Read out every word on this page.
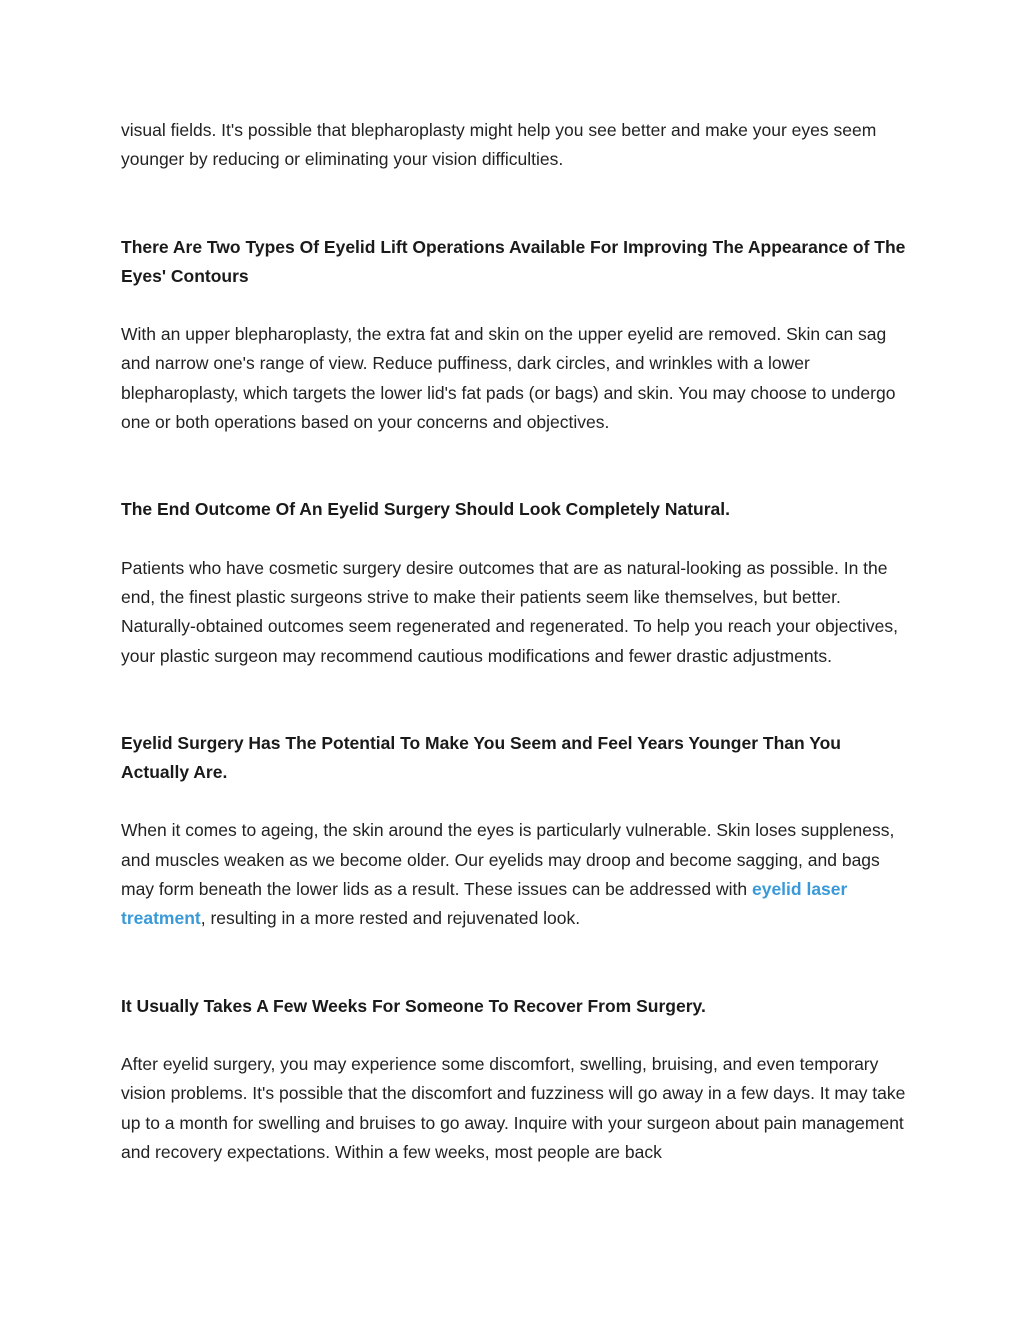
visual fields. It's possible that blepharoplasty might help you see better and make your eyes seem younger by reducing or eliminating your vision difficulties.

There Are Two Types Of Eyelid Lift Operations Available For Improving The Appearance of The Eyes' Contours

With an upper blepharoplasty, the extra fat and skin on the upper eyelid are removed. Skin can sag and narrow one's range of view. Reduce puffiness, dark circles, and wrinkles with a lower blepharoplasty, which targets the lower lid's fat pads (or bags) and skin. You may choose to undergo one or both operations based on your concerns and objectives.

The End Outcome Of An Eyelid Surgery Should Look Completely Natural.

Patients who have cosmetic surgery desire outcomes that are as natural-looking as possible. In the end, the finest plastic surgeons strive to make their patients seem like themselves, but better. Naturally-obtained outcomes seem regenerated and regenerated. To help you reach your objectives, your plastic surgeon may recommend cautious modifications and fewer drastic adjustments.

Eyelid Surgery Has The Potential To Make You Seem and Feel Years Younger Than You Actually Are.

When it comes to ageing, the skin around the eyes is particularly vulnerable. Skin loses suppleness, and muscles weaken as we become older. Our eyelids may droop and become sagging, and bags may form beneath the lower lids as a result. These issues can be addressed with eyelid laser treatment, resulting in a more rested and rejuvenated look.

It Usually Takes A Few Weeks For Someone To Recover From Surgery.

After eyelid surgery, you may experience some discomfort, swelling, bruising, and even temporary vision problems. It's possible that the discomfort and fuzziness will go away in a few days. It may take up to a month for swelling and bruises to go away. Inquire with your surgeon about pain management and recovery expectations. Within a few weeks, most people are back
